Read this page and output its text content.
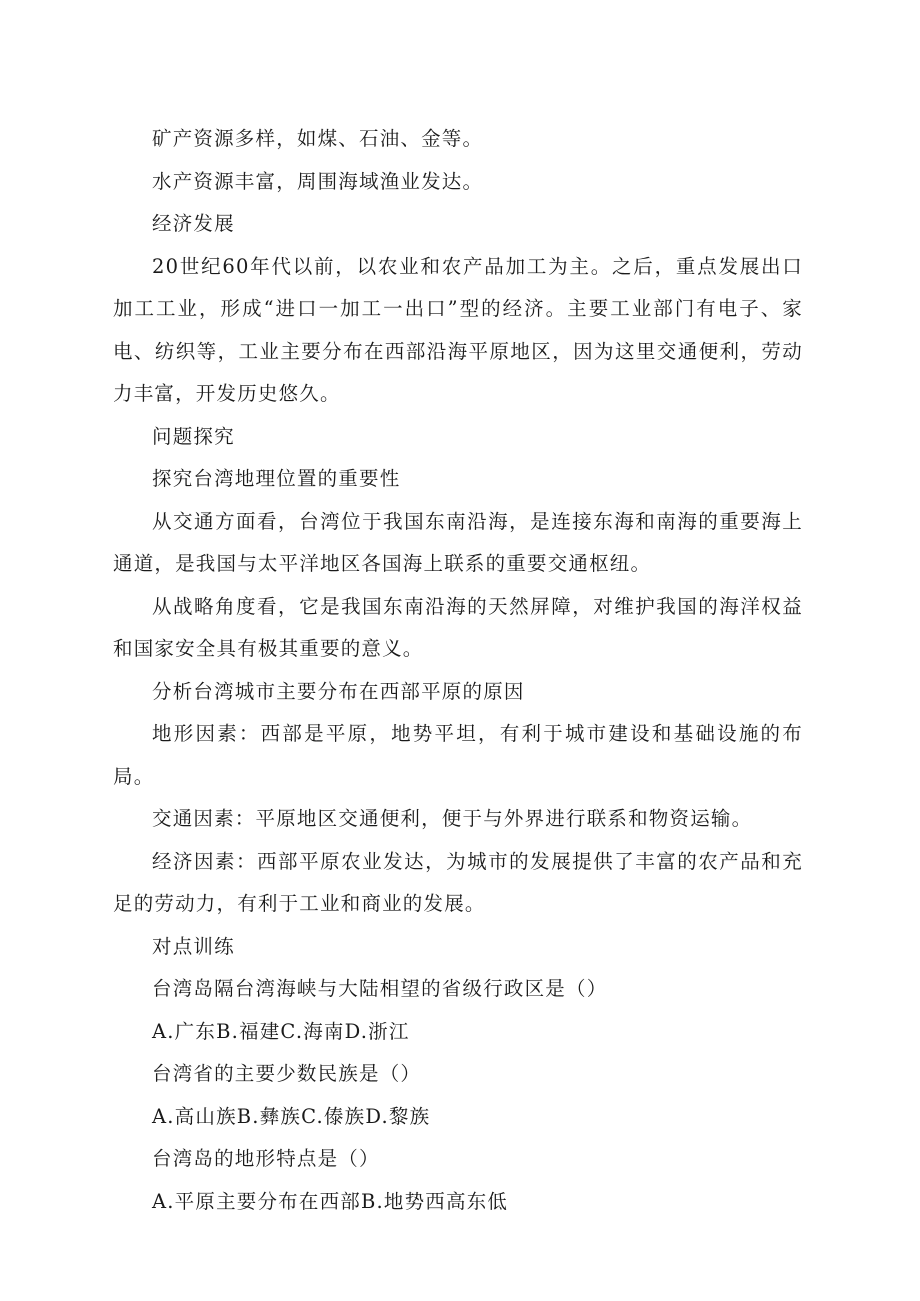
矿产资源多样，如煤、石油、金等。

水产资源丰富，周围海域渔业发达。

经济发展

20世纪60年代以前，以农业和农产品加工为主。之后，重点发展出口加工工业，形成“进口一加工一出口”型的经济。主要工业部门有电子、家电、纺织等，工业主要分布在西部沿海平原地区，因为这里交通便利，劳动力丰富，开发历史悠久。

问题探究

探究台湾地理位置的重要性

从交通方面看，台湾位于我国东南沿海，是连接东海和南海的重要海上通道，是我国与太平洋地区各国海上联系的重要交通枢纽。

从战略角度看，它是我国东南沿海的天然屏障，对维护我国的海洋权益和国家安全具有极其重要的意义。

分析台湾城市主要分布在西部平原的原因

地形因素：西部是平原，地势平坦，有利于城市建设和基础设施的布局。

交通因素：平原地区交通便利，便于与外界进行联系和物资运输。

经济因素：西部平原农业发达，为城市的发展提供了丰富的农产品和充足的劳动力，有利于工业和商业的发展。

对点训练

台湾岛隔台湾海峡与大陆相望的省级行政区是（）

A.广东B.福建C.海南D.浙江

台湾省的主要少数民族是（）

A.高山族B.彝族C.傣族D.黎族

台湾岛的地形特点是（）

A.平原主要分布在西部B.地势西高东低
